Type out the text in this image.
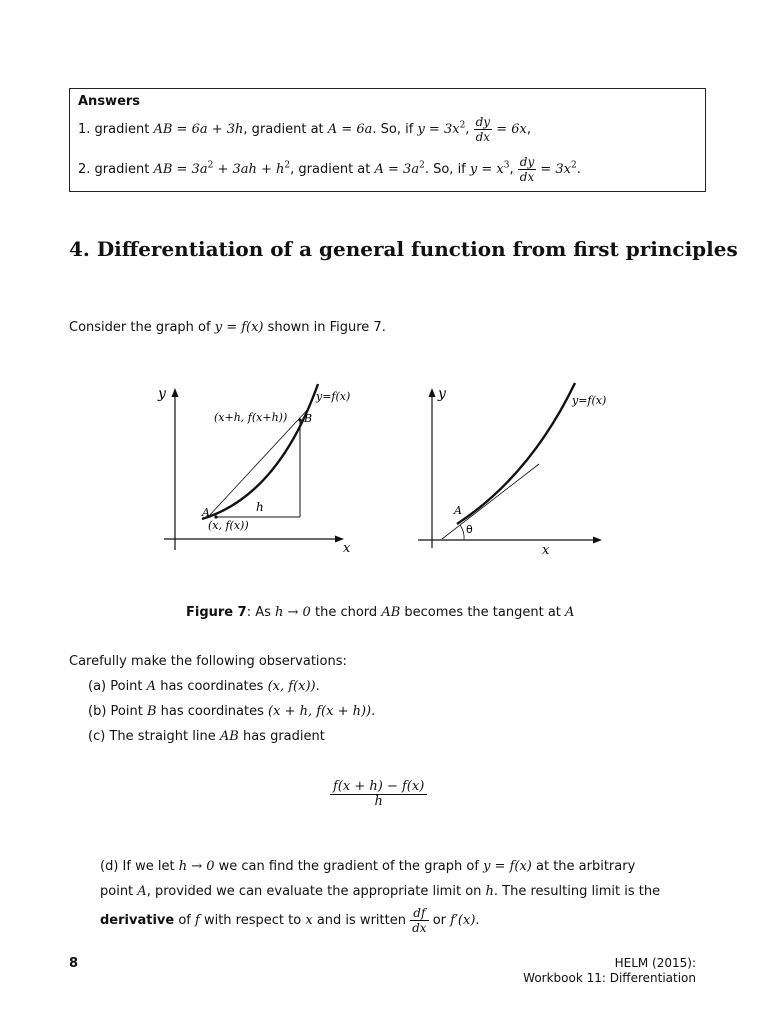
Answers
1. gradient AB = 6a + 3h, gradient at A = 6a. So, if $y = 3x^2$, $\frac{dy}{dx} = 6x$,
2. gradient AB = $3a^2 + 3ah + h^2$, gradient at $A = 3a^2$. So, if $y = x^3$, $\frac{dy}{dx} = 3x^2$.
4. Differentiation of a general function from first principles
Consider the graph of y = f(x) shown in Figure 7.
y
x
y=f(x)
(x+h, f(x+h)) B
A
(x, f(x))
h
y
x
y=f(x)
A
θ
Figure 7: As h → 0 the chord AB becomes the tangent at A
Carefully make the following observations:
(a) Point A has coordinates (x, f(x)).
(b) Point B has coordinates (x + h, f(x + h)).
(c) The straight line AB has gradient
$\frac{f(x + h) - f(x)}{h}$
(d) If we let h → 0 we can find the gradient of the graph of y = f(x) at the arbitrary
point A, provided we can evaluate the appropriate limit on h. The resulting limit is the
derivative of f with respect to x and is written $\frac{df}{dx}$ or f′(x).
8	HELM (2015):
Workbook 11: Differentiation
